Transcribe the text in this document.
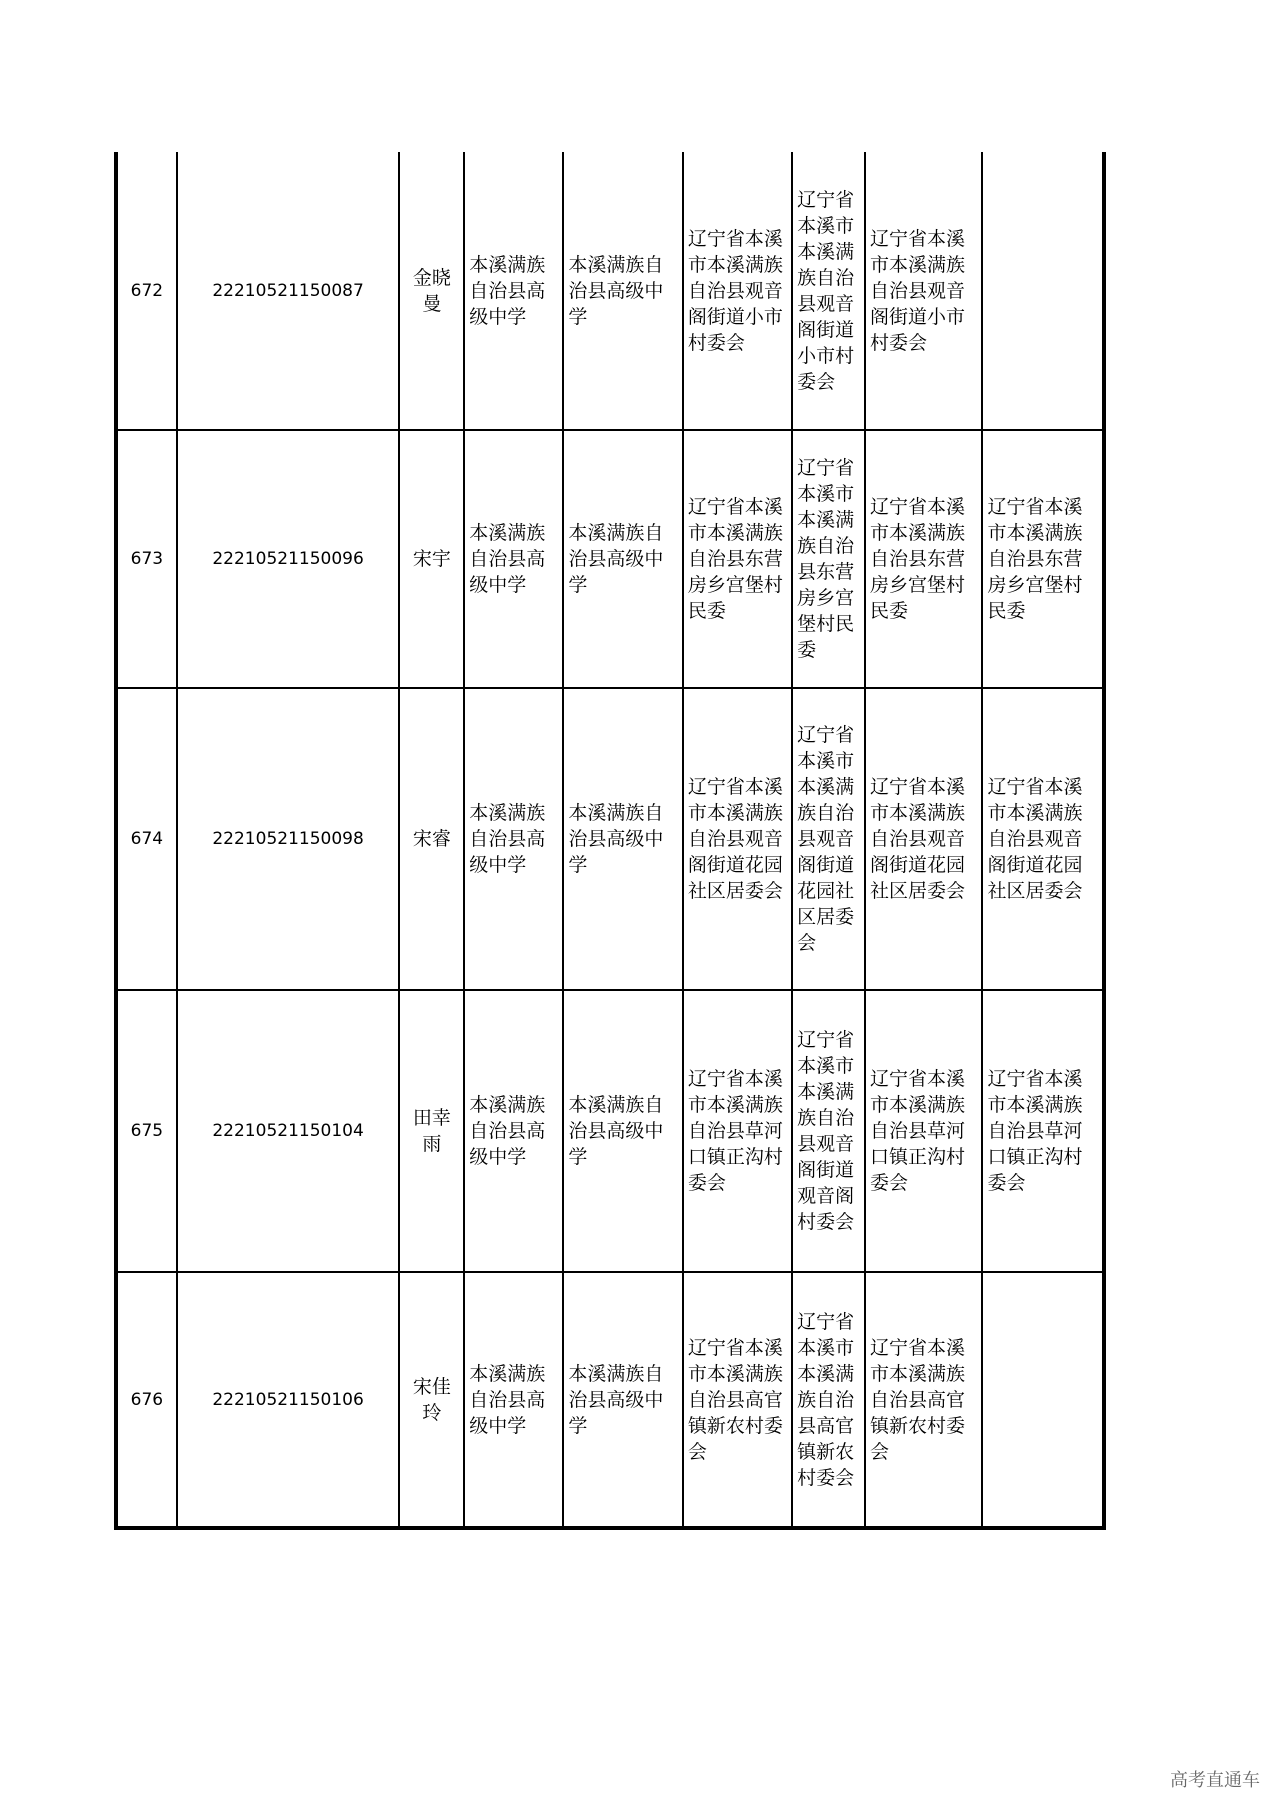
672	22210521150087	金晓曼	本溪满族自治县高级中学	本溪满族自治县高级中学	辽宁省本溪市本溪满族自治县观音阁街道小市村委会	辽宁省本溪市本溪满族自治县观音阁街道小市村委会	辽宁省本溪市本溪满族自治县观音阁街道小市村委会	
673	22210521150096	宋宇	本溪满族自治县高级中学	本溪满族自治县高级中学	辽宁省本溪市本溪满族自治县东营房乡宫堡村民委	辽宁省本溪市本溪满族自治县东营房乡宫堡村民委	辽宁省本溪市本溪满族自治县东营房乡宫堡村民委	辽宁省本溪市本溪满族自治县东营房乡宫堡村民委
674	22210521150098	宋睿	本溪满族自治县高级中学	本溪满族自治县高级中学	辽宁省本溪市本溪满族自治县观音阁街道花园社区居委会	辽宁省本溪市本溪满族自治县观音阁街道花园社区居委会	辽宁省本溪市本溪满族自治县观音阁街道花园社区居委会	辽宁省本溪市本溪满族自治县观音阁街道花园社区居委会
675	22210521150104	田幸雨	本溪满族自治县高级中学	本溪满族自治县高级中学	辽宁省本溪市本溪满族自治县草河口镇正沟村委会	辽宁省本溪市本溪满族自治县观音阁街道观音阁村委会	辽宁省本溪市本溪满族自治县草河口镇正沟村委会	辽宁省本溪市本溪满族自治县草河口镇正沟村委会
676	22210521150106	宋佳玲	本溪满族自治县高级中学	本溪满族自治县高级中学	辽宁省本溪市本溪满族自治县高官镇新农村委会	辽宁省本溪市本溪满族自治县高官镇新农村委会	辽宁省本溪市本溪满族自治县高官镇新农村委会	
高考直通车
